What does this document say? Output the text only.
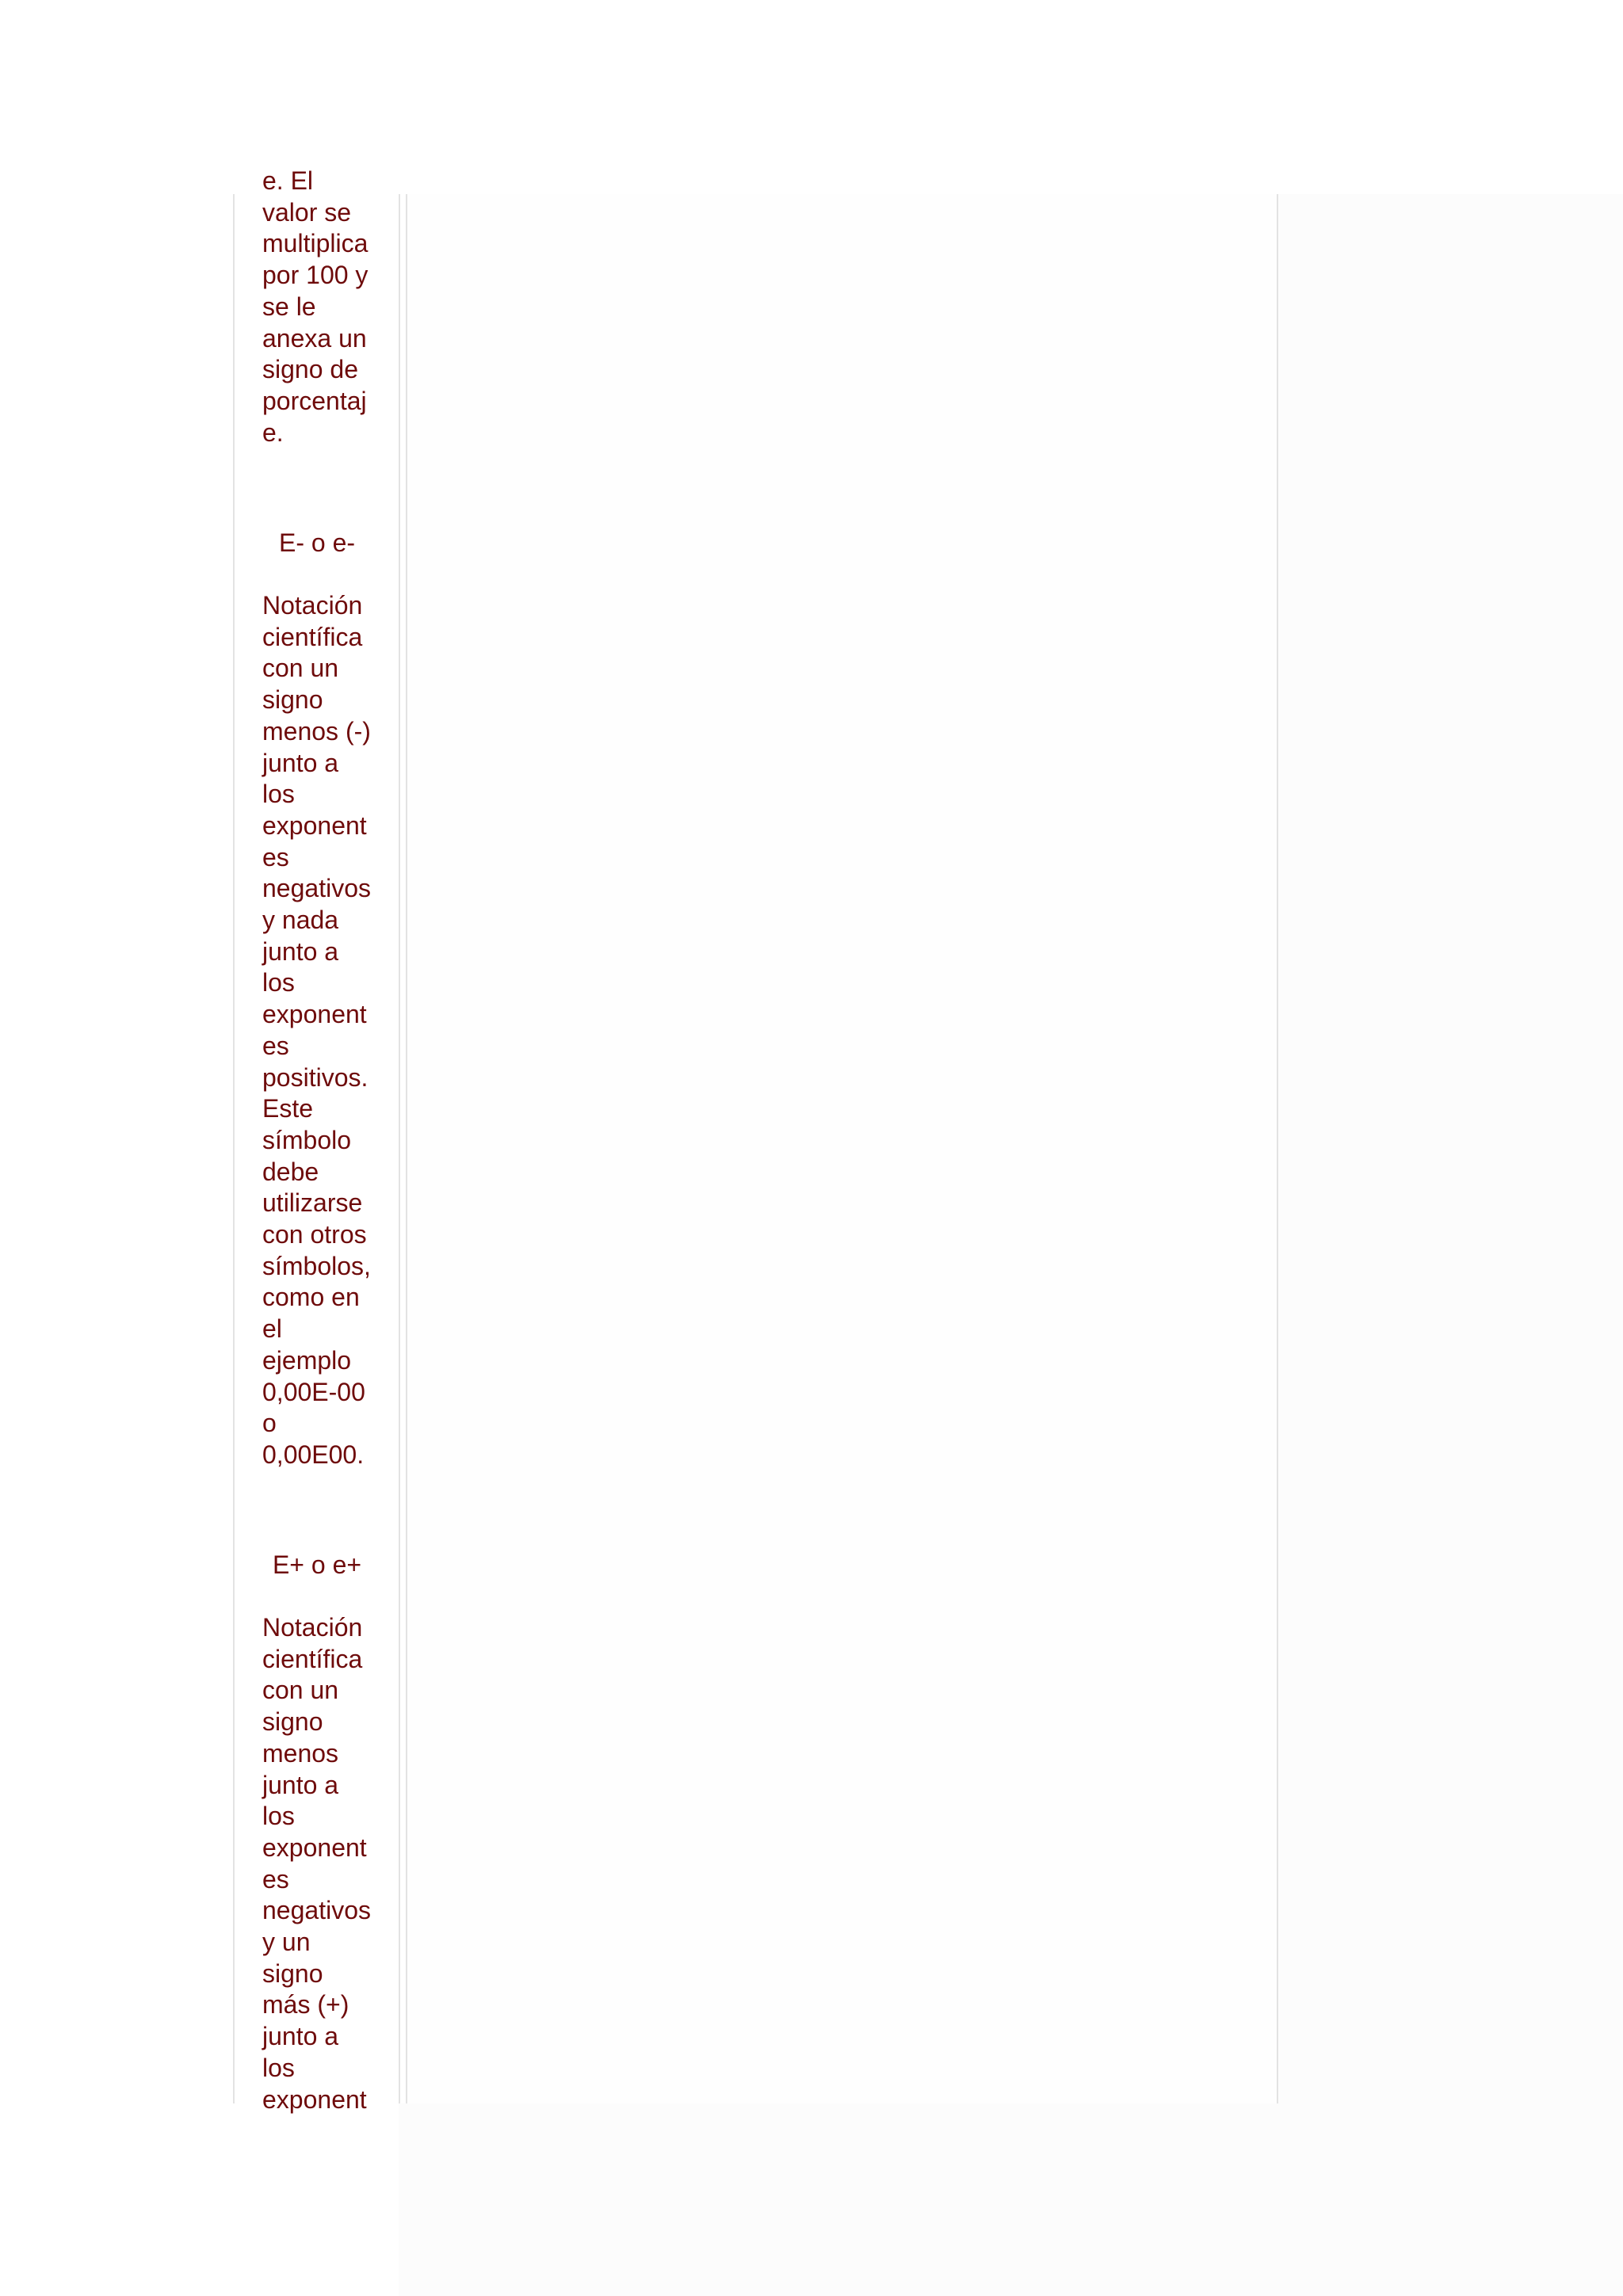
e. El
valor se
multiplica
por 100 y
se le
anexa un
signo de
porcentaj
e.

E- o e-

Notación
científica
con un
signo
menos (-)
junto a
los
exponent
es
negativos
y nada
junto a
los
exponent
es
positivos.
Este
símbolo
debe
utilizarse
con otros
símbolos,
como en
el
ejemplo
0,00E-00
o
0,00E00.

E+ o e+

Notación
científica
con un
signo
menos
junto a
los
exponent
es
negativos
y un
signo
más (+)
junto a
los
exponent
